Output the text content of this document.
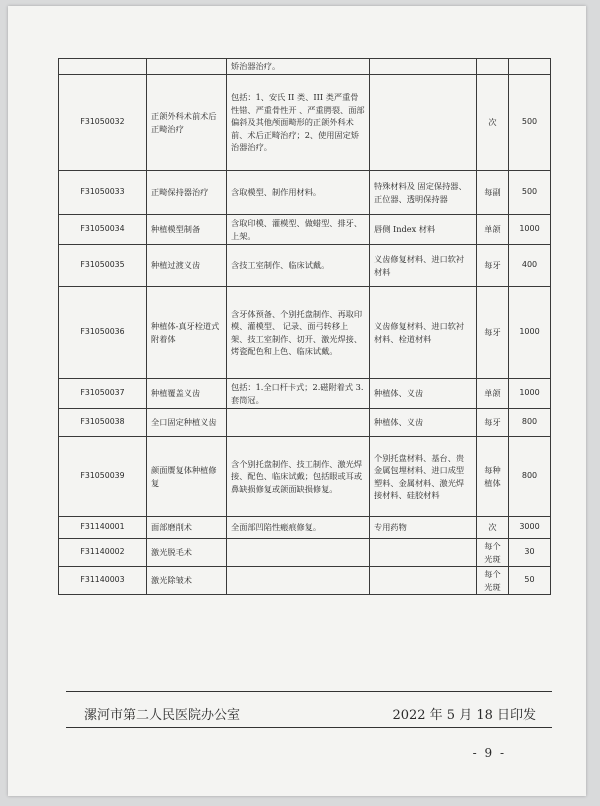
		矫治器治疗。			
F31050032	正颌外科术前术后正畸治疗	包括：1、安氏 II 类、III 类严重骨性错、严重骨性开 、严重腭裂、面部偏斜及其他颅面畸形的正颌外科术前、术后正畸治疗；2、使用固定矫治器治疗。		次	500
F31050033	正畸保持器治疗	含取模型、制作用材料。	特殊材料及 固定保持器、正位器、透明保持器	每副	500
F31050034	种植模型制备	含取印模、灌模型、做蜡型、排牙、上架。	唇侧 Index 材料	单颌	1000
F31050035	种植过渡义齿	含技工室制作、临床试戴。	义齿修复材料、进口软衬材料	每牙	400
F31050036	种植体-真牙栓道式附着体	含牙体预备、个别托盘制作、再取印模、灌模型、 记录、面弓转移上 架、技工室制作、切开、激光焊接、烤瓷配色和上色、临床试戴。	义齿修复材料、进口软衬材料、栓道材料	每牙	1000
F31050037	种植覆盖义齿	包括：1.全口杆卡式；2.磁附着式 3.套筒冠。	种植体、义齿	单颌	1000
F31050038	全口固定种植义齿		种植体、义齿	每牙	800
F31050039	颜面赝复体种植修复	含个别托盘制作、技工制作、激光焊接、配色、临床试戴；包括眼或耳或鼻缺损修复或颌面缺损修复。	个别托盘材料、基台、贵金属包埋材料、进口成型塑料、金属材料、激光焊接材料、硅胶材料	每种植体	800
F31140001	面部磨削术	全面部凹陷性瘢痕修复。	专用药物	次	3000
F31140002	激光脱毛术			每个光斑	30
F31140003	激光除皱术			每个光斑	50
漯河市第二人民医院办公室	2022 年 5 月 18 日印发
- 9 -
